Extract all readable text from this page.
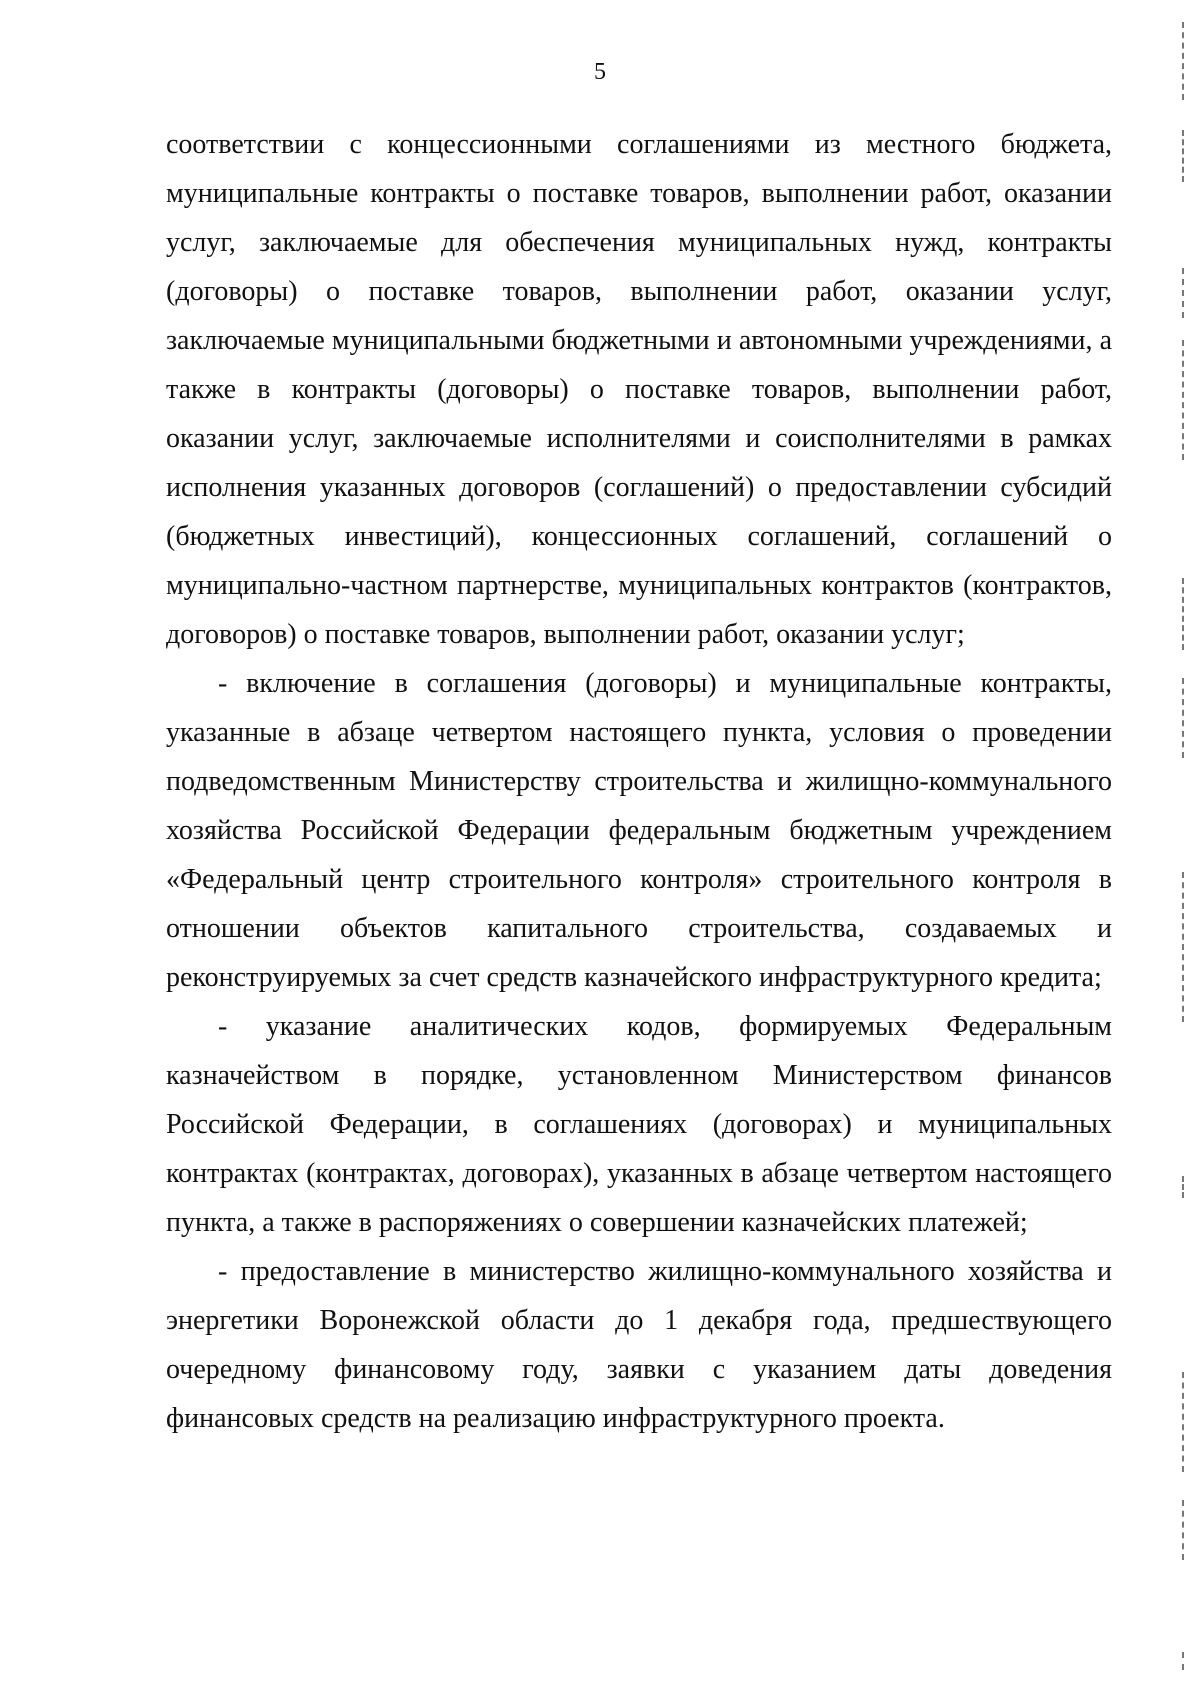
5

соответствии с концессионными соглашениями из местного бюджета, муниципальные контракты о поставке товаров, выполнении работ, оказании услуг, заключаемые для обеспечения муниципальных нужд, контракты (договоры) о поставке товаров, выполнении работ, оказании услуг, заключаемые муниципальными бюджетными и автономными учреждениями, а также в контракты (договоры) о поставке товаров, выполнении работ, оказании услуг, заключаемые исполнителями и соисполнителями в рамках исполнения указанных договоров (соглашений) о предоставлении субсидий (бюджетных инвестиций), концессионных соглашений, соглашений о муниципально-частном партнерстве, муниципальных контрактов (контрактов, договоров) о поставке товаров, выполнении работ, оказании услуг;

- включение в соглашения (договоры) и муниципальные контракты, указанные в абзаце четвертом настоящего пункта, условия о проведении подведомственным Министерству строительства и жилищно-коммунального хозяйства Российской Федерации федеральным бюджетным учреждением «Федеральный центр строительного контроля» строительного контроля в отношении объектов капитального строительства, создаваемых и реконструируемых за счет средств казначейского инфраструктурного кредита;

- указание аналитических кодов, формируемых Федеральным казначейством в порядке, установленном Министерством финансов Российской Федерации, в соглашениях (договорах) и муниципальных контрактах (контрактах, договорах), указанных в абзаце четвертом настоящего пункта, а также в распоряжениях о совершении казначейских платежей;

- предоставление в министерство жилищно-коммунального хозяйства и энергетики Воронежской области до 1 декабря года, предшествующего очередному финансовому году, заявки с указанием даты доведения финансовых средств на реализацию инфраструктурного проекта.
